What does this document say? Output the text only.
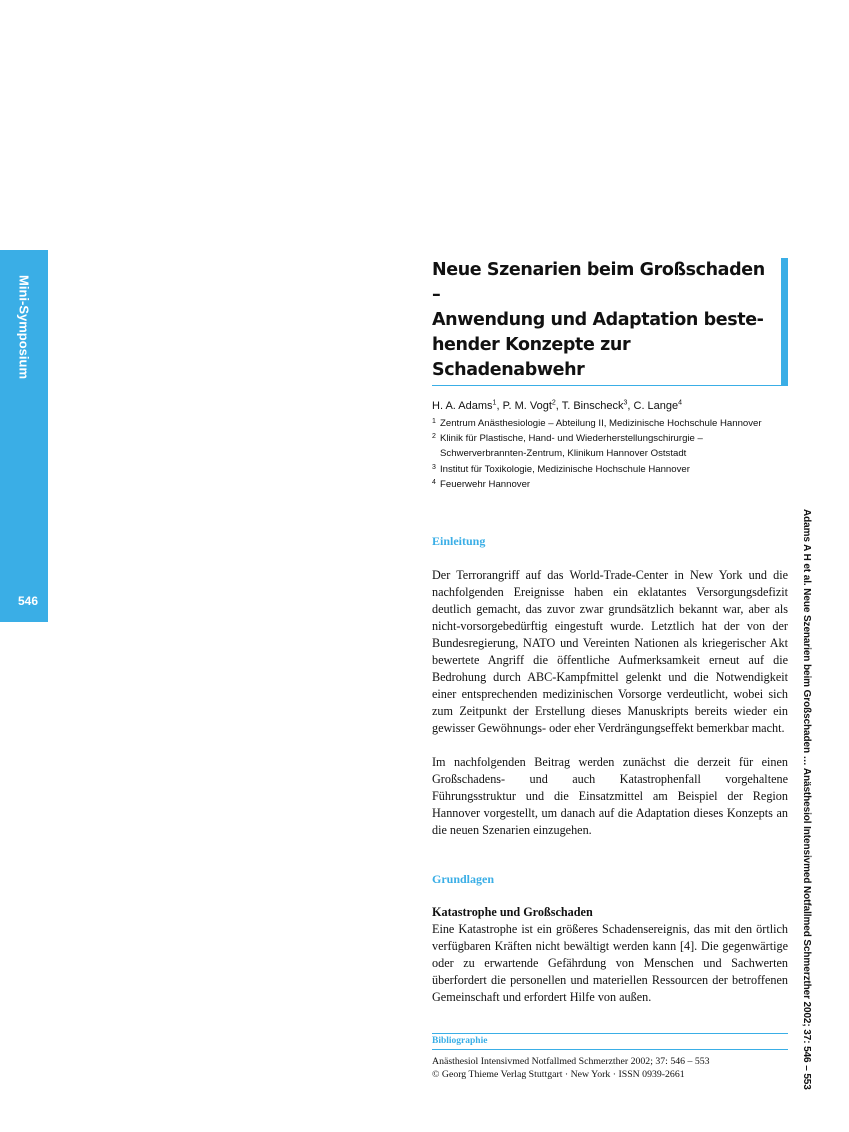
Mini-Symposium
546	Adams A H et al. Neue Szenarien beim Großschaden … Anästhesiol Intensivmed Notfallmed Schmerzther 2002; 37: 546 – 553
Neue Szenarien beim Großschaden –
Anwendung und Adaptation beste-
hender Konzepte zur Schadenabwehr
H. A. Adams$^1$, P. M. Vogt$^2$, T. Binscheck$^3$, C. Lange$^4$
1 Zentrum Anästhesiologie – Abteilung II, Medizinische Hochschule Hannover
2 Klinik für Plastische, Hand- und Wiederherstellungschirurgie –
Schwerverbrannten-Zentrum, Klinikum Hannover Oststadt
3 Institut für Toxikologie, Medizinische Hochschule Hannover
4 Feuerwehr Hannover
Einleitung

Der Terrorangriff auf das World-Trade-Center in New York und die nachfolgenden Ereignisse haben ein eklatantes Versorgungsdefizit deutlich gemacht, das zuvor zwar grundsätzlich bekannt war, aber als nicht-vorsorgebedürftig eingestuft wurde. Letztlich hat der von der Bundesregierung, NATO und Vereinten Nationen als kriegerischer Akt bewertete Angriff die öffentliche Aufmerksamkeit erneut auf die Bedrohung durch ABC-Kampfmittel gelenkt und die Notwendigkeit einer entsprechenden medizinischen Vorsorge verdeutlicht, wobei sich zum Zeitpunkt der Erstellung dieses Manuskripts bereits wieder ein gewisser Gewöhnungs- oder eher Verdrängungseffekt bemerkbar macht.

Im nachfolgenden Beitrag werden zunächst die derzeit für einen Großschadens- und auch Katastrophenfall vorgehaltene Führungsstruktur und die Einsatzmittel am Beispiel der Region Hannover vorgestellt, um danach auf die Adaptation dieses Konzepts an die neuen Szenarien einzugehen.

Grundlagen
Katastrophe und Großschaden

Eine Katastrophe ist ein größeres Schadensereignis, das mit den örtlich verfügbaren Kräften nicht bewältigt werden kann [4]. Die gegenwärtige oder zu erwartende Gefährdung von Menschen und Sachwerten überfordert die personellen und materiellen Ressourcen der betroffenen Gemeinschaft und erfordert Hilfe von außen.

Bibliographie
Anästhesiol Intensivmed Notfallmed Schmerzther 2002; 37: 546 – 553
© Georg Thieme Verlag Stuttgart · New York · ISSN 0939-2661
